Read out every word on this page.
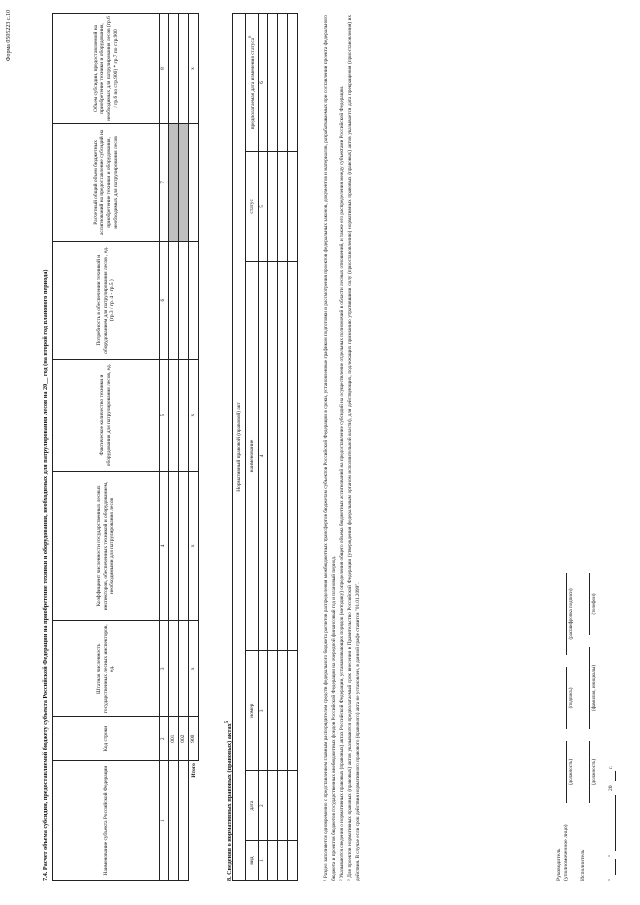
Форма 0505223 с.10
7.4. Расчет объема субсидии, предоставляемой бюджету субъекта Российской Федерации на приобретение техники и оборудования, необходимых для патрулирования лесов на 20__ год (на второй год планового периода)	Наименование субъекта Российской Федерации	Код строки	Штатная численность государственных лесных инспекторов, ед.	Коэффициент численности государственных лесных инспекторов, обеспеченных техникой и оборудованием, необходимыми для патрулирования лесов	Фактическое количество техники и оборудования для патрулирования лесов, ед.	Потребность в обеспечении техникой и оборудованием для патрулирования лесов , ед. (гр.3 / гр. 4 - гр.5 )	Расчетный общий объем бюджетных ассигнований на предоставление субсидий на приобретение техники и оборудования, необходимых для патрулирования лесов	Объем субсидии, предоставляемой на приобретение техники и оборудования, необходимых для патрулирования лесов (гр.6 / гр.6 по стр.900) * гр.7 по стр.900
1	2	3	4	5	6	7	8
	001						
	002						
Итого	900	x	x	x			x
8. Сведения о нормативных правовых (правовых) актах$^5$
Нормативный правовой (правовой) акт					
вид	дата	номер	наименование	статус	предполагаемая дата изменения статуса$^6$
1	2	3	4	5	6

						¹ Раздел заполняется одновременно с представлением главным распорядителем средств федерального бюджета расчетов распределения межбюджетных трансфертов бюджетам субъектов Российской Федерации в сроки, установленные графиком подготовки и рассмотрения проектов федеральных законов, документов и материалов, разрабатываемых при составлении проекта федерального бюджета и проектов бюджетов государственных внебюджетных фондов Российской Федерации на очередной финансовый год и плановый период. ² Указываются сведения о нормативных правовых (правовых) актах Российской Федерации, устанавливающих порядок (методику) определения общего объема бюджетных ассигнований на предоставление субсидий на осуществление отдельных полномочий в области лесных отношений, и также его распределения между субъектами Российской Федерации. ³ Для проектов нормативных правовых (правовых) актов указываются предполагаемый срок внесения в Правительство Российской Федерации (утверждения федеральным органом исполнительной власти), для действующих, подлежащих признанию утратившими силу (приостановлению) нормативных правовых (правовых) актов указывается дата прекращения (приостановления) их действия. В случае если срок действия нормативного правового (правового) акта не установлен, в данной графе ставится "01.01.2099".	Руководитель (уполномоченное лицо)
(должность)
(подпись)
(расшифровка подписи)
Исполнитель
(должность)
(фамилия, инициалы)
(телефон)
"
"
20
г.
